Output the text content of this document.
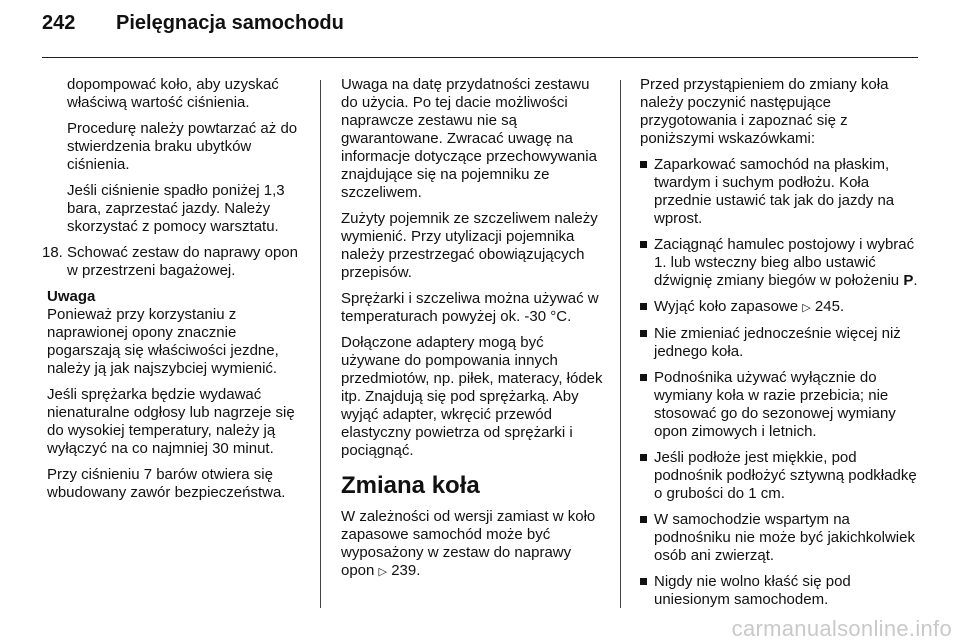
242 Pielęgnacja samochodu
dopompować koło, aby uzyskać

właściwą wartość ciśnienia.

Procedurę należy powtarzać aż do stwierdzenia braku ubytków ciśnienia.

Jeśli ciśnienie spadło poniżej 1,3 bara, zaprzestać jazdy. Należy skorzystać z pomocy warsztatu.

18. Schować zestaw do naprawy opon w przestrzeni bagażowej.
Uwaga

Ponieważ przy korzystaniu z naprawionej opony znacznie pogarszają się właściwości jezdne, należy ją jak najszybciej wymienić.

Jeśli sprężarka będzie wydawać nienaturalne odgłosy lub nagrzeje się do wysokiej temperatury, należy ją wyłączyć na co najmniej 30 minut.

Przy ciśnieniu 7 barów otwiera się wbudowany zawór bezpieczeństwa.

Uwaga na datę przydatności zestawu do użycia. Po tej dacie możliwości naprawcze zestawu nie są gwarantowane. Zwracać uwagę na informacje dotyczące przechowywania znajdujące się na pojemniku ze szczeliwem.

Zużyty pojemnik ze szczeliwem należy wymienić. Przy utylizacji pojemnika należy przestrzegać obowiązujących przepisów.

Sprężarki i szczeliwa można używać w temperaturach powyżej ok. -30 °C.

Dołączone adaptery mogą być używane do pompowania innych przedmiotów, np. piłek, materacy, łódek itp. Znajdują się pod sprężarką. Aby wyjąć adapter, wkręcić przewód elastyczny powietrza od sprężarki i pociągnąć.

Zmiana koła

W zależności od wersji zamiast w koło zapasowe samochód może być wyposażony w zestaw do naprawy opon ▷ 239.

Przed przystąpieniem do zmiany koła należy poczynić następujące przygotowania i zapoznać się z poniższymi wskazówkami:

Zaparkować samochód na płaskim, twardym i suchym podłożu. Koła przednie ustawić tak jak do jazdy na wprost.
Zaciągnąć hamulec postojowy i wybrać 1. lub wsteczny bieg albo ustawić dźwignię zmiany biegów w położeniu P.
Wyjąć koło zapasowe ▷ 245.
Nie zmieniać jednocześnie więcej niż jednego koła.
Podnośnika używać wyłącznie do wymiany koła w razie przebicia; nie stosować go do sezonowej wymiany opon zimowych i letnich.
Jeśli podłoże jest miękkie, pod podnośnik podłożyć sztywną podkładkę o grubości do 1 cm.
W samochodzie wspartym na podnośniku nie może być jakichkolwiek osób ani zwierząt.
Nigdy nie wolno kłaść się pod uniesionym samochodem.
carmanualsonline.info
